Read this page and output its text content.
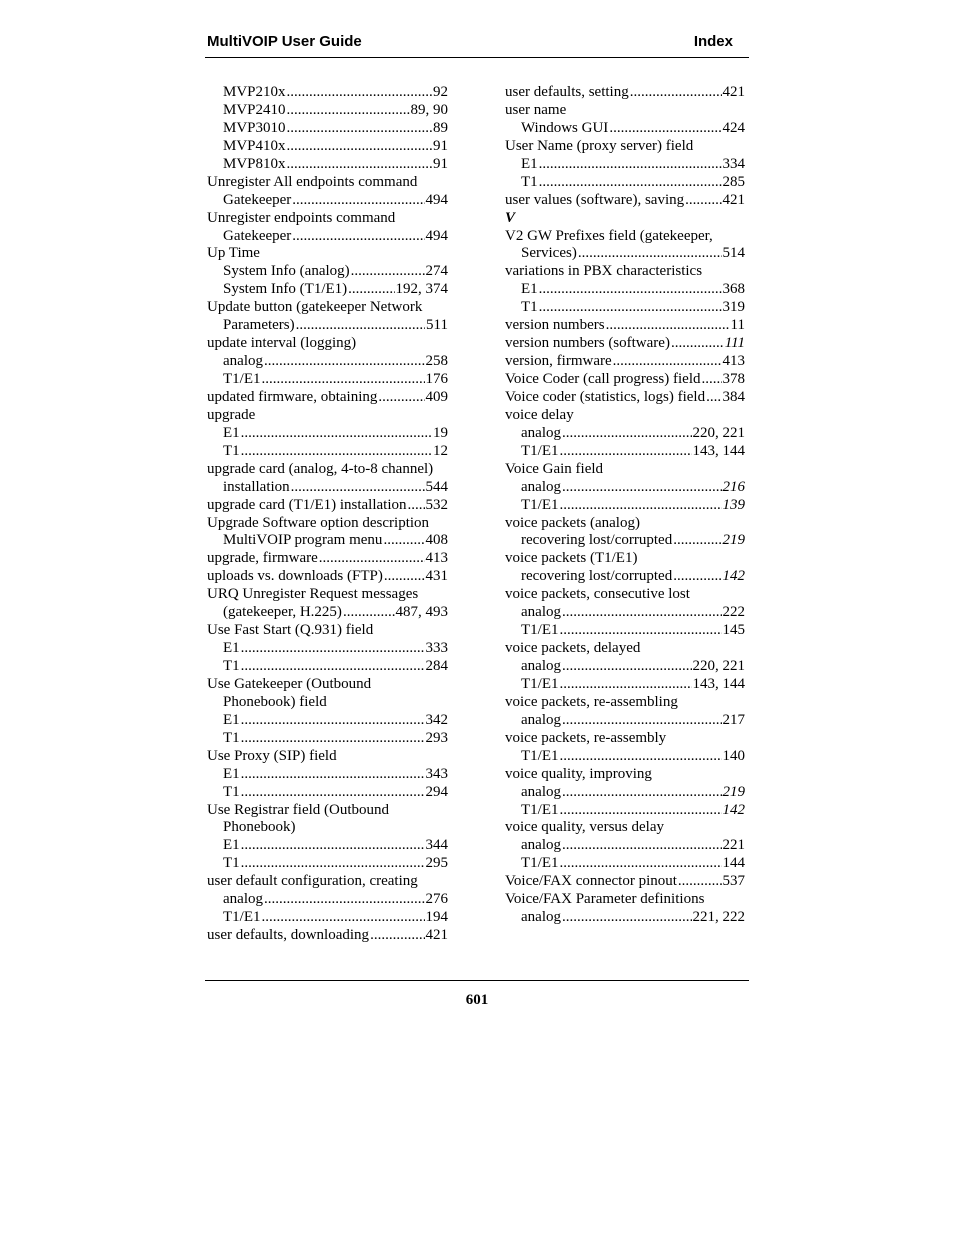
MultiVOIP User Guide	Index
MVP210x .....	92
MVP2410 .....	89, 90
MVP3010 .....	89
MVP410x .....	91
MVP810x .....	91
Unregister All endpoints command
Gatekeeper .....	494
Unregister endpoints command
Gatekeeper .....	494
Up Time
System Info (analog) .....	274
System Info (T1/E1) .....	192, 374
Update button (gatekeeper Network
Parameters) .....	511
update interval (logging)
analog .....	258
T1/E1 .....	176
updated firmware, obtaining .....	409
upgrade
E1 .....	19
T1 .....	12
upgrade card (analog, 4-to-8 channel)
installation .....	544
upgrade card (T1/E1) installation ..... 532
Upgrade Software option description
MultiVOIP program menu .....	408
upgrade, firmware .....	413
uploads vs. downloads (FTP) .....	431
URQ Unregister Request messages
(gatekeeper, H.225) .....	487, 493
Use Fast Start (Q.931) field
E1 .....	333
T1 .....	284
Use Gatekeeper (Outbound
Phonebook) field
E1 .....	342
T1 .....	293
Use Proxy (SIP) field
E1 .....	343
T1 .....	294
Use Registrar field (Outbound
Phonebook)
E1 .....	344
T1 .....	295
user default configuration, creating
analog .....	276
T1/E1 .....	194
user defaults, downloading .....	421
user defaults, setting .....	421
user name
Windows GUI .....	424
User Name (proxy server) field
E1 .....	334
T1 .....	285
user values (software), saving .....	421
V
V2 GW Prefixes field (gatekeeper,
Services) .....	514
variations in PBX characteristics
E1 .....	368
T1 .....	319
version numbers .....	11
version numbers (software) .....	111
version, firmware .....	413
Voice Coder (call progress) field ..... 378
Voice coder (statistics, logs) field ..... 384
voice delay
analog .....	220, 221
T1/E1 .....	143, 144
Voice Gain field
analog .....	216
T1/E1 .....	139
voice packets (analog)
recovering lost/corrupted .....	219
voice packets (T1/E1)
recovering lost/corrupted .....	142
voice packets, consecutive lost
analog .....	222
T1/E1 .....	145
voice packets, delayed
analog .....	220, 221
T1/E1 .....	143, 144
voice packets, re-assembling
analog .....	217
voice packets, re-assembly
T1/E1 .....	140
voice quality, improving
analog .....	219
T1/E1 .....	142
voice quality, versus delay
analog .....	221
T1/E1 .....	144
Voice/FAX connector pinout .....	537
Voice/FAX Parameter definitions
analog .....	221, 222
601
